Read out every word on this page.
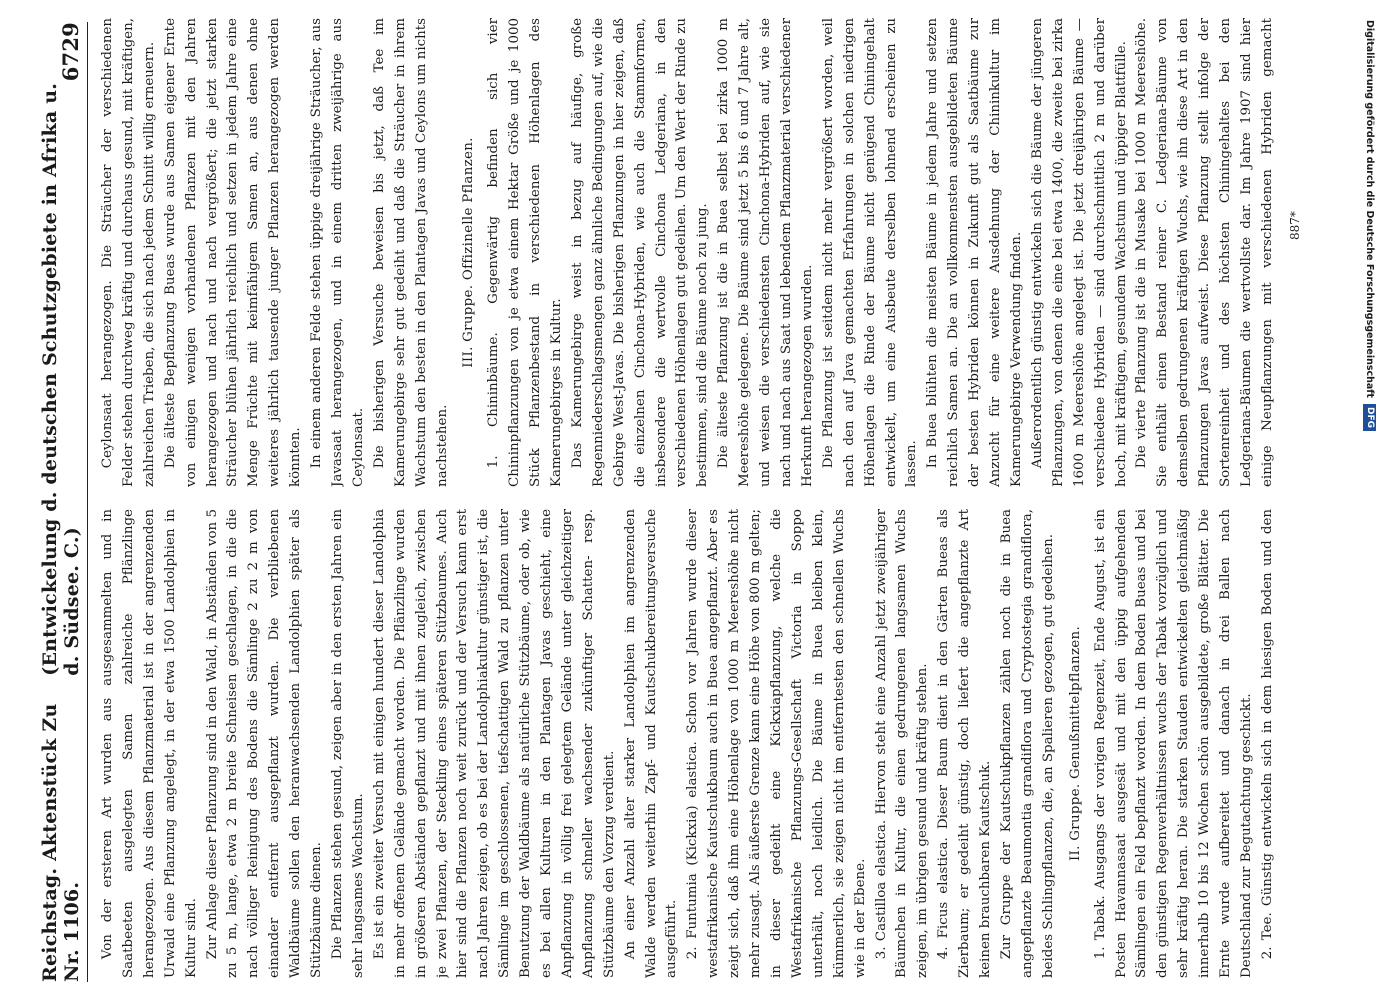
Reichstag. Aktenstück Zu Nr. 1106.
(Entwickelung d. deutschen Schutzgebiete in Afrika u. d. Südsee. C.)
6729

Von der ersteren Art wurden aus ausgesammelten und in Saatbeeten ausgelegten Samen zahlreiche Pflänzlinge herangezogen. Aus diesem Pflanzmaterial ist in der angrenzenden Urwald eine Pflanzung angelegt, in der etwa 1500 Landolphien in Kultur sind. Zur Anlage dieser Pflanzung sind in den Wald, in Abständen von 5 zu 5 m, lange, etwa 2 m breite Schneisen geschlagen, in die die nach völliger Reinigung des Bodens die Sämlinge 2 zu 2 m von einander entfernt ausgepflanzt wurden. Die verbliebenen Waldbäume sollen den heranwachsenden Landolphien später als Stützbäume dienen. Die Pflanzen stehen gesund, zeigen aber in den ersten Jahren ein sehr langsames Wachstum. Es ist ein zweiter Versuch mit einigen hundert dieser Landolphia in mehr offenem Gelände gemacht worden. Die Pflänzlinge wurden in größeren Abständen gepflanzt und mit ihnen zugleich, zwischen je zwei Pflanzen, der Steckling eines späteren Stützbaumes. Auch hier sind die Pflanzen noch weit zurück und der Versuch kann erst nach Jahren zeigen, ob es bei der Landolphiakultur günstiger ist, die Sämlinge im geschlossenen, tiefschattigen Wald zu pflanzen unter Benutzung der Waldbäume als natürliche Stützbäume, oder ob, wie es bei allen Kulturen in den Plantagen Javas geschieht, eine Anpflanzung in völlig frei gelegtem Gelände unter gleichzeitiger Anpflanzung schneller wachsender zukünftiger Schatten- resp. Stützbäume den Vorzug verdient. An einer Anzahl alter starker Landolphien im angrenzenden Walde werden weiterhin Zapf- und Kautschukbereitungsversuche ausgeführt. 2. Funtumia (Kickxia) elastica. Schon vor Jahren wurde dieser westafrikanische Kautschukbaum auch in Buea angepflanzt. Aber es zeigt sich, daß ihm eine Höhenlage von 1000 m Meereshöhe nicht mehr zusagt. Als äußerste Grenze kann eine Höhe von 800 m gelten; in dieser gedeiht eine Kickxiapflanzung, welche die Westafrikanische Pflanzungs-Gesellschaft Victoria in Soppo unterhält, noch leidlich. Die Bäume in Buea bleiben klein, kümmerlich, sie zeigen nicht im entferntesten den schnellen Wuchs wie in der Ebene. 3. Castilloa elastica. Hiervon steht eine Anzahl jetzt zweijähriger Bäumchen in Kultur, die einen gedrungenen langsamen Wuchs zeigen, im übrigen gesund und kräftig stehen. 4. Ficus elastica. Dieser Baum dient in den Gärten Bueas als Zierbaum; er gedeiht günstig, doch liefert die angepflanzte Art keinen brauchbaren Kautschuk. Zur Gruppe der Kautschukpflanzen zählen noch die in Buea angepflanzte Beaumontia grandiflora und Cryptostegia grandiflora, beides Schlingpflanzen, die, an Spalieren gezogen, gut gedeihen. II. Gruppe. Genußmittelpflanzen. 1. Tabak. Ausgangs der vorigen Regenzeit, Ende August, ist ein Posten Havannasaat ausgesät und mit den üppig aufgehenden Sämlingen ein Feld bepflanzt worden. In dem Boden Bueas und bei den günstigen Regenverhältnissen wuchs der Tabak vorzüglich und sehr kräftig heran. Die starken Stauden entwickelten gleichmäßig innerhalb 10 bis 12 Wochen schön ausgebildete, große Blätter. Die Ernte wurde aufbereitet und danach in drei Ballen nach Deutschland zur Begutachtung geschickt. 2. Tee. Günstig entwickeln sich in dem hiesigen Boden und den

Ceylonsaat herangezogen. Die Sträucher der verschiedenen Felder stehen durchweg kräftig und durchaus gesund, mit kräftigen, zahlreichen Trieben, die sich nach jedem Schnitt willig erneuern. Die älteste Bepflanzung Bueas wurde aus Samen eigener Ernte von einigen wenigen vorhandenen Pflanzen mit den Jahren herangezogen und nach und nach vergrößert; die jetzt starken Sträucher blühen jährlich reichlich und setzen in jedem Jahre eine Menge Früchte mit keimfähigem Samen an, aus denen ohne weiteres jährlich tausende junger Pflanzen herangezogen werden könnten. In einem anderen Felde stehen üppige dreijährige Sträucher, aus Javasaat herangezogen, und in einem dritten zweijährige aus Ceylonsaat. Die bisherigen Versuche beweisen bis jetzt, daß Tee im Kamerungebirge sehr gut gedeiht und daß die Sträucher in ihrem Wachstum den besten in den Plantagen Javas und Ceylons um nichts nachstehen.

III. Gruppe. Offizinelle Pflanzen. 1. Chininbäume. Gegenwärtig befinden sich vier Chininpflanzungen von je etwa einem Hektar Größe und je 1000 Stück Pflanzenbestand in verschiedenen Höhenlagen des Kamerungebirges in Kultur. Das Kamerungebirge weist in bezug auf häufige, große Regenniederschlagsmengen ganz ähnliche Bedingungen auf, wie die Gebirge West-Javas. Die bisherigen Pflanzungen in hier zeigen, daß die einzelnen Cinchona-Hybriden, wie auch die Stammformen, insbesondere die wertvolle Cinchona Ledgeriana, in den verschiedenen Höhenlagen gut gedeihen. Um den Wert der Rinde zu bestimmen, sind die Bäume noch zu jung. Die älteste Pflanzung ist die in Buea selbst bei zirka 1000 m Meereshöhe gelegene. Die Bäume sind jetzt 5 bis 6 und 7 Jahre alt, und weisen die verschiedensten Cinchona-Hybriden auf, wie sie nach und nach aus Saat und lebendem Pflanzmaterial verschiedener Herkunft herangezogen wurden. Die Pflanzung ist seitdem nicht mehr vergrößert worden, weil nach den auf Java gemachten Erfahrungen in solchen niedrigen Höhenlagen die Rinde der Bäume nicht genügend Chiningehalt entwickelt, um eine Ausbeute derselben lohnend erscheinen zu lassen. In Buea blühten die meisten Bäume in jedem Jahre und setzen reichlich Samen an. Die an vollkommensten ausgebildeten Bäume der besten Hybriden können in Zukunft gut als Saatbäume zur Anzucht für eine weitere Ausdehnung der Chininkultur im Kamerungebirge Verwendung finden. Außerordentlich günstig entwickeln sich die Bäume der jüngeren Pflanzungen, von denen die eine bei etwa 1400, die zweite bei zirka 1600 m Meereshöhe angelegt ist. Die jetzt dreijährigen Bäume — verschiedene Hybriden — sind durchschnittlich 2 m und darüber hoch, mit kräftigem, gesundem Wachstum und üppiger Blattfülle. Die vierte Pflanzung ist die in Musake bei 1000 m Meereshöhe. Sie enthält einen Bestand reiner C. Ledgeriana-Bäume von demselben gedrungenen kräftigen Wuchs, wie ihn diese Art in den Pflanzungen Javas aufweist. Diese Pflanzung stellt infolge der Sortenreinheit und des höchsten Chiningehaltes bei den Ledgeriana-Bäumen die wertvollste dar. Im Jahre 1907 sind hier einige Neupflanzungen mit verschiedenen Hybriden gemacht

887*	Digitalisierung gefördert durch die Deutsche Forschungsgemeinschaft
DFG
